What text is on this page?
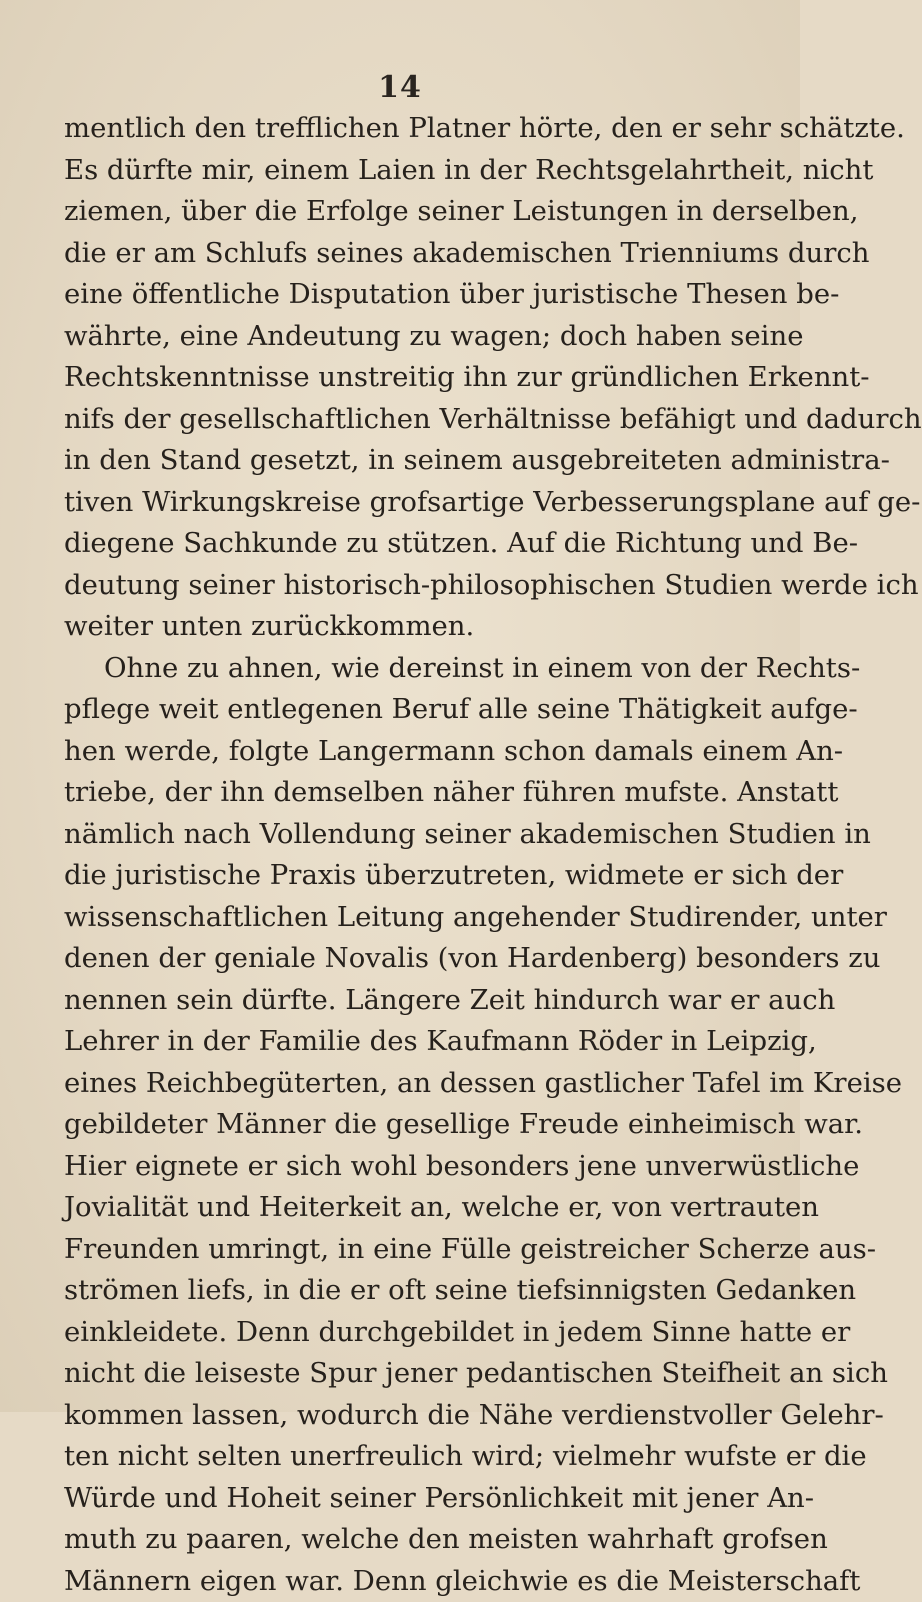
14
mentlich den trefflichen Platner hörte, den er sehr schätzte.
Es dürfte mir, einem Laien in der Rechtsgelahrtheit, nicht
ziemen, über die Erfolge seiner Leistungen in derselben,
die er am Schlufs seines akademischen Trienniums durch
eine öffentliche Disputation über juristische Thesen be-
währte, eine Andeutung zu wagen; doch haben seine
Rechtskenntnisse unstreitig ihn zur gründlichen Erkennt-
nifs der gesellschaftlichen Verhältnisse befähigt und dadurch
in den Stand gesetzt, in seinem ausgebreiteten administra-
tiven Wirkungskreise grofsartige Verbesserungsplane auf ge-
diegene Sachkunde zu stützen. Auf die Richtung und Be-
deutung seiner historisch-philosophischen Studien werde ich
weiter unten zurückkommen.
Ohne zu ahnen, wie dereinst in einem von der Rechts-
pflege weit entlegenen Beruf alle seine Thätigkeit aufge-
hen werde, folgte Langermann schon damals einem An-
triebe, der ihn demselben näher führen mufste. Anstatt
nämlich nach Vollendung seiner akademischen Studien in
die juristische Praxis überzutreten, widmete er sich der
wissenschaftlichen Leitung angehender Studirender, unter
denen der geniale Novalis (von Hardenberg) besonders zu
nennen sein dürfte. Längere Zeit hindurch war er auch
Lehrer in der Familie des Kaufmann Röder in Leipzig,
eines Reichbegüterten, an dessen gastlicher Tafel im Kreise
gebildeter Männer die gesellige Freude einheimisch war.
Hier eignete er sich wohl besonders jene unverwüstliche
Jovialität und Heiterkeit an, welche er, von vertrauten
Freunden umringt, in eine Fülle geistreicher Scherze aus-
strömen liefs, in die er oft seine tiefsinnigsten Gedanken
einkleidete. Denn durchgebildet in jedem Sinne hatte er
nicht die leiseste Spur jener pedantischen Steifheit an sich
kommen lassen, wodurch die Nähe verdienstvoller Gelehr-
ten nicht selten unerfreulich wird; vielmehr wufste er die
Würde und Hoheit seiner Persönlichkeit mit jener An-
muth zu paaren, welche den meisten wahrhaft grofsen
Männern eigen war. Denn gleichwie es die Meisterschaft
